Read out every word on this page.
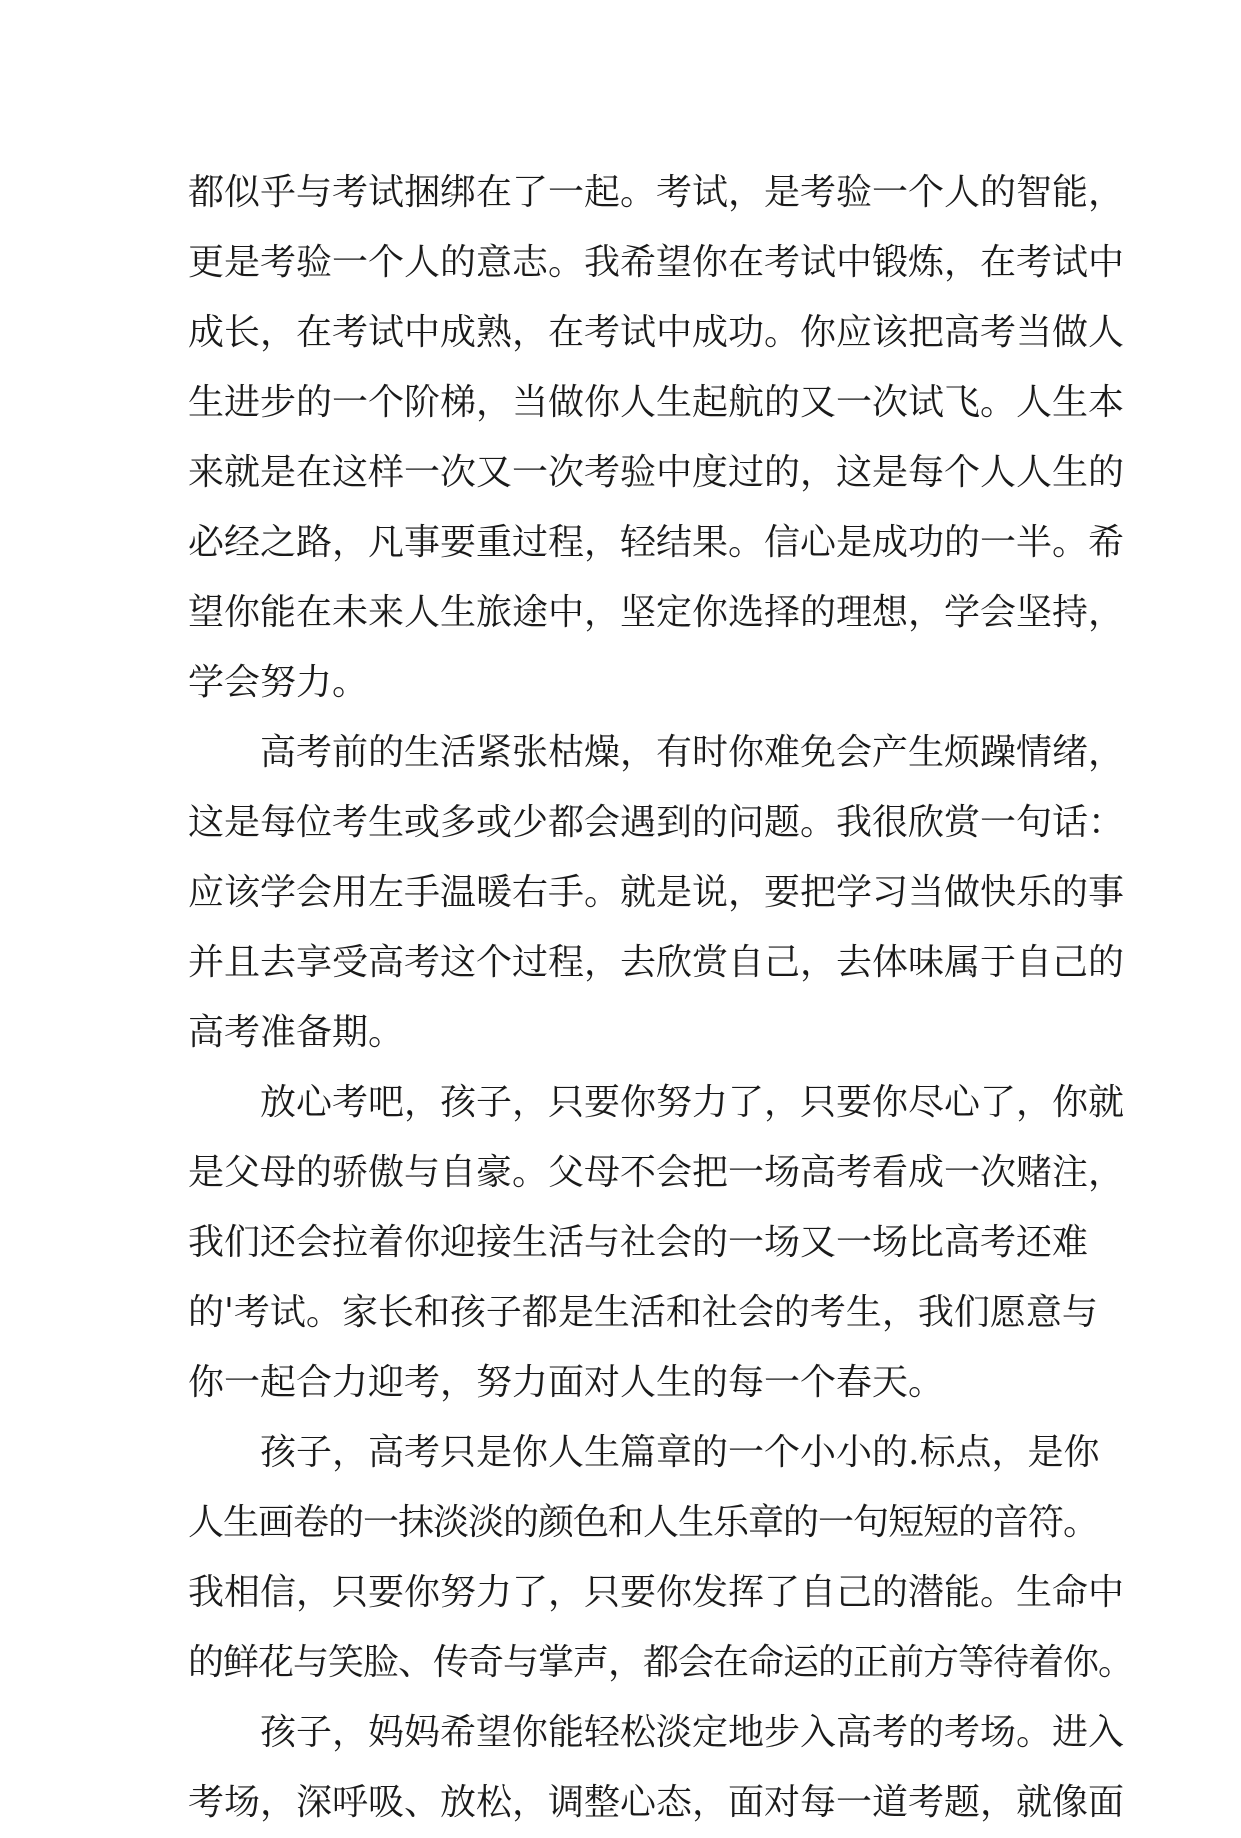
都似乎与考试捆绑在了一起。考试，是考验一个人的智能，
更是考验一个人的意志。我希望你在考试中锻炼，在考试中
成长，在考试中成熟，在考试中成功。你应该把高考当做人
生进步的一个阶梯，当做你人生起航的又一次试飞。人生本
来就是在这样一次又一次考验中度过的，这是每个人人生的
必经之路，凡事要重过程，轻结果。信心是成功的一半。希
望你能在未来人生旅途中，坚定你选择的理想，学会坚持，
学会努力。
高考前的生活紧张枯燥，有时你难免会产生烦躁情绪，
这是每位考生或多或少都会遇到的问题。我很欣赏一句话：
应该学会用左手温暖右手。就是说，要把学习当做快乐的事
并且去享受高考这个过程，去欣赏自己，去体味属于自己的
高考准备期。
放心考吧，孩子，只要你努力了，只要你尽心了，你就
是父母的骄傲与自豪。父母不会把一场高考看成一次赌注，
我们还会拉着你迎接生活与社会的一场又一场比高考还难
的'考试。家长和孩子都是生活和社会的考生，我们愿意与
你一起合力迎考，努力面对人生的每一个春天。
孩子，高考只是你人生篇章的一个小小的.标点，是你
人生画卷的一抹淡淡的颜色和人生乐章的一句短短的音符。
我相信，只要你努力了，只要你发挥了自己的潜能。生命中
的鲜花与笑脸、传奇与掌声，都会在命运的正前方等待着你。
孩子，妈妈希望你能轻松淡定地步入高考的考场。进入
考场，深呼吸、放松，调整心态，面对每一道考题，就像面
